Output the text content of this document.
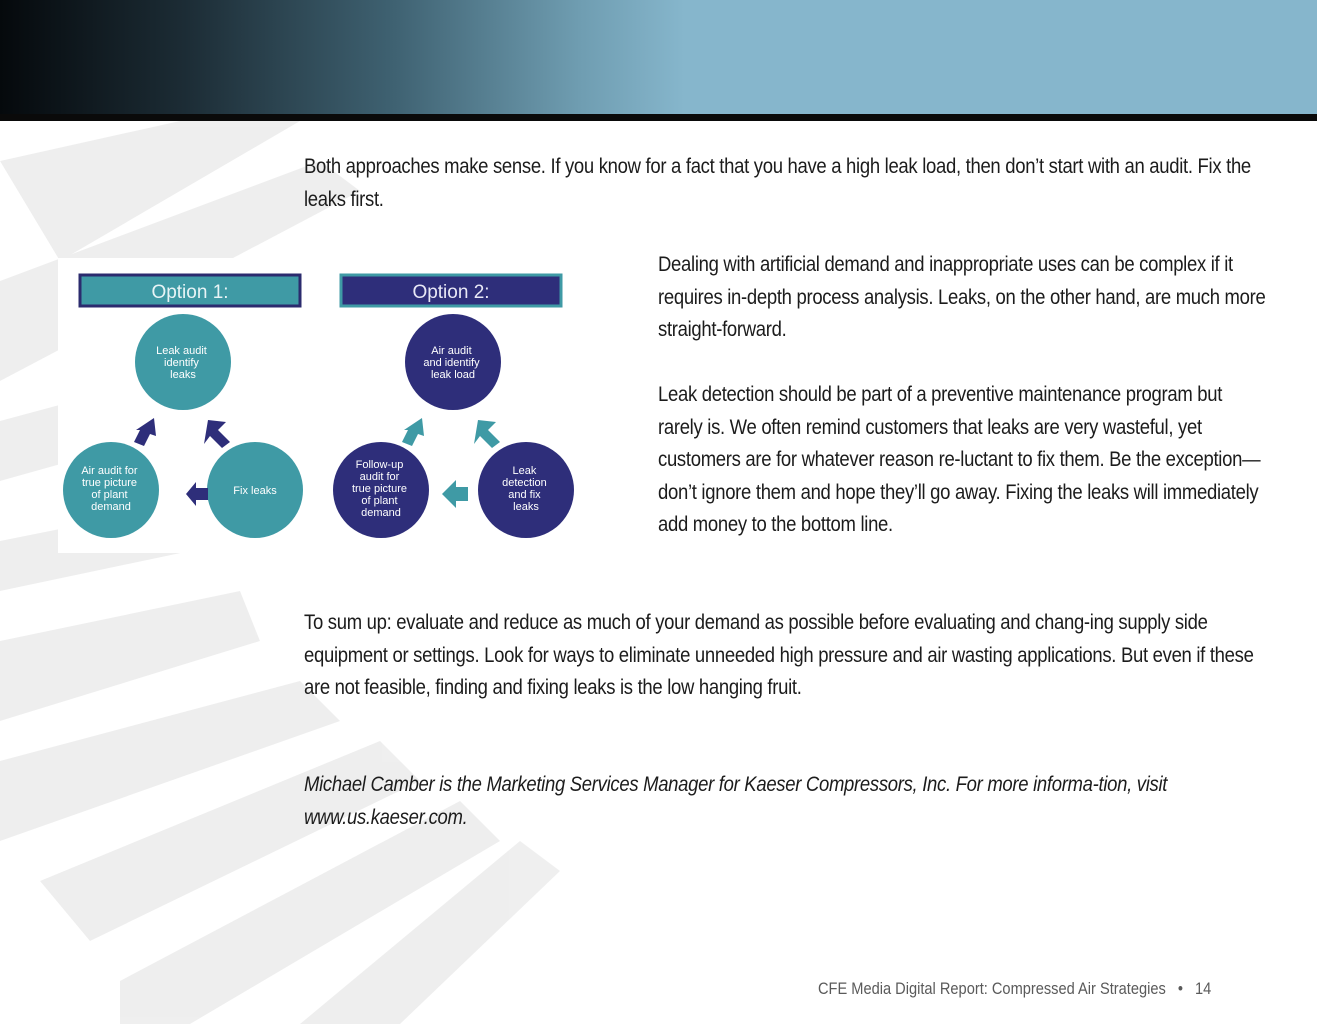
Both approaches make sense. If you know for a fact that you have a high leak load, then don’t start with an audit. Fix the leaks first.

Option 1:
Leak audit identify leaks
Fix leaks
Air audit for true picture of plant demand
Option 2:
Air audit and identify leak load
Leak detection and fix leaks
Follow-up audit for true picture of plant demand

Dealing with artificial demand and inappropriate uses can be complex if it requires in-depth process analysis. Leaks, on the other hand, are much more straight-forward.

Leak detection should be part of a preventive maintenance program but rarely is. We often remind customers that leaks are very wasteful, yet customers are for whatever reason re-luctant to fix them. Be the exception—don’t ignore them and hope they’ll go away. Fixing the leaks will immediately add money to the bottom line.

To sum up: evaluate and reduce as much of your demand as possible before evaluating and chang-ing supply side equipment or settings. Look for ways to eliminate unneeded high pressure and air wasting applications. But even if these are not feasible, finding and fixing leaks is the low hanging fruit.

Michael Camber is the Marketing Services Manager for Kaeser Compressors, Inc. For more informa-tion, visit www.us.kaeser.com.

CFE Media Digital Report: Compressed Air Strategies • 14
